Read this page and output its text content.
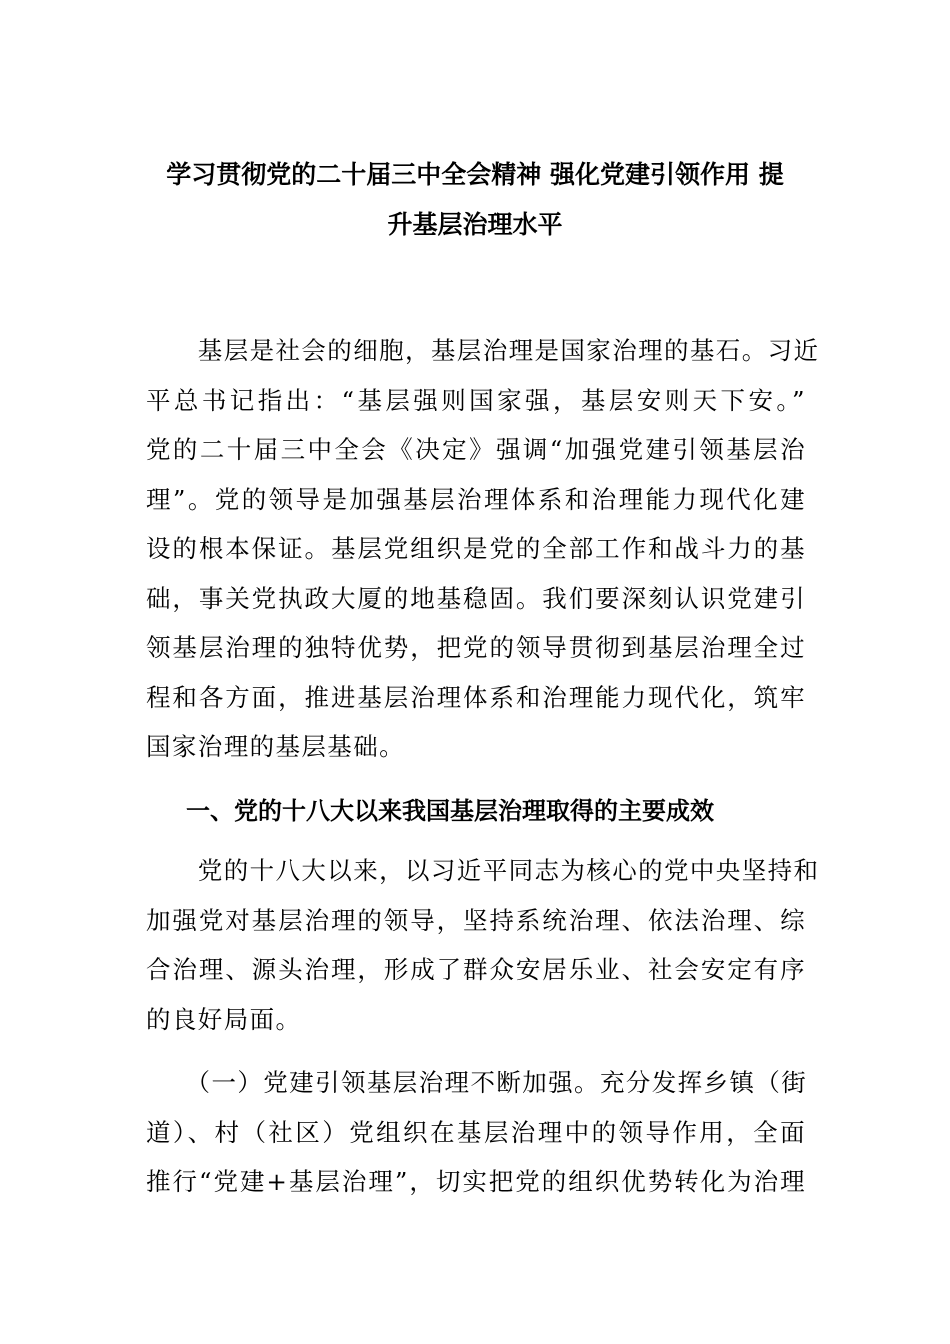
学习贯彻党的二十届三中全会精神 强化党建引领作用 提
升基层治理水平
　　基层是社会的细胞，基层治理是国家治理的基石。习近
平总书记指出：“基层强则国家强，基层安则天下安。”
党的二十届三中全会《决定》强调“加强党建引领基层治
理”。党的领导是加强基层治理体系和治理能力现代化建
设的根本保证。基层党组织是党的全部工作和战斗力的基
础，事关党执政大厦的地基稳固。我们要深刻认识党建引
领基层治理的独特优势，把党的领导贯彻到基层治理全过
程和各方面，推进基层治理体系和治理能力现代化，筑牢
国家治理的基层基础。
一、党的十八大以来我国基层治理取得的主要成效
　　党的十八大以来，以习近平同志为核心的党中央坚持和
加强党对基层治理的领导，坚持系统治理、依法治理、综
合治理、源头治理，形成了群众安居乐业、社会安定有序
的良好局面。
　　（一）党建引领基层治理不断加强。充分发挥乡镇（街
道）、村（社区）党组织在基层治理中的领导作用，全面
推行“党建+基层治理”，切实把党的组织优势转化为治理
